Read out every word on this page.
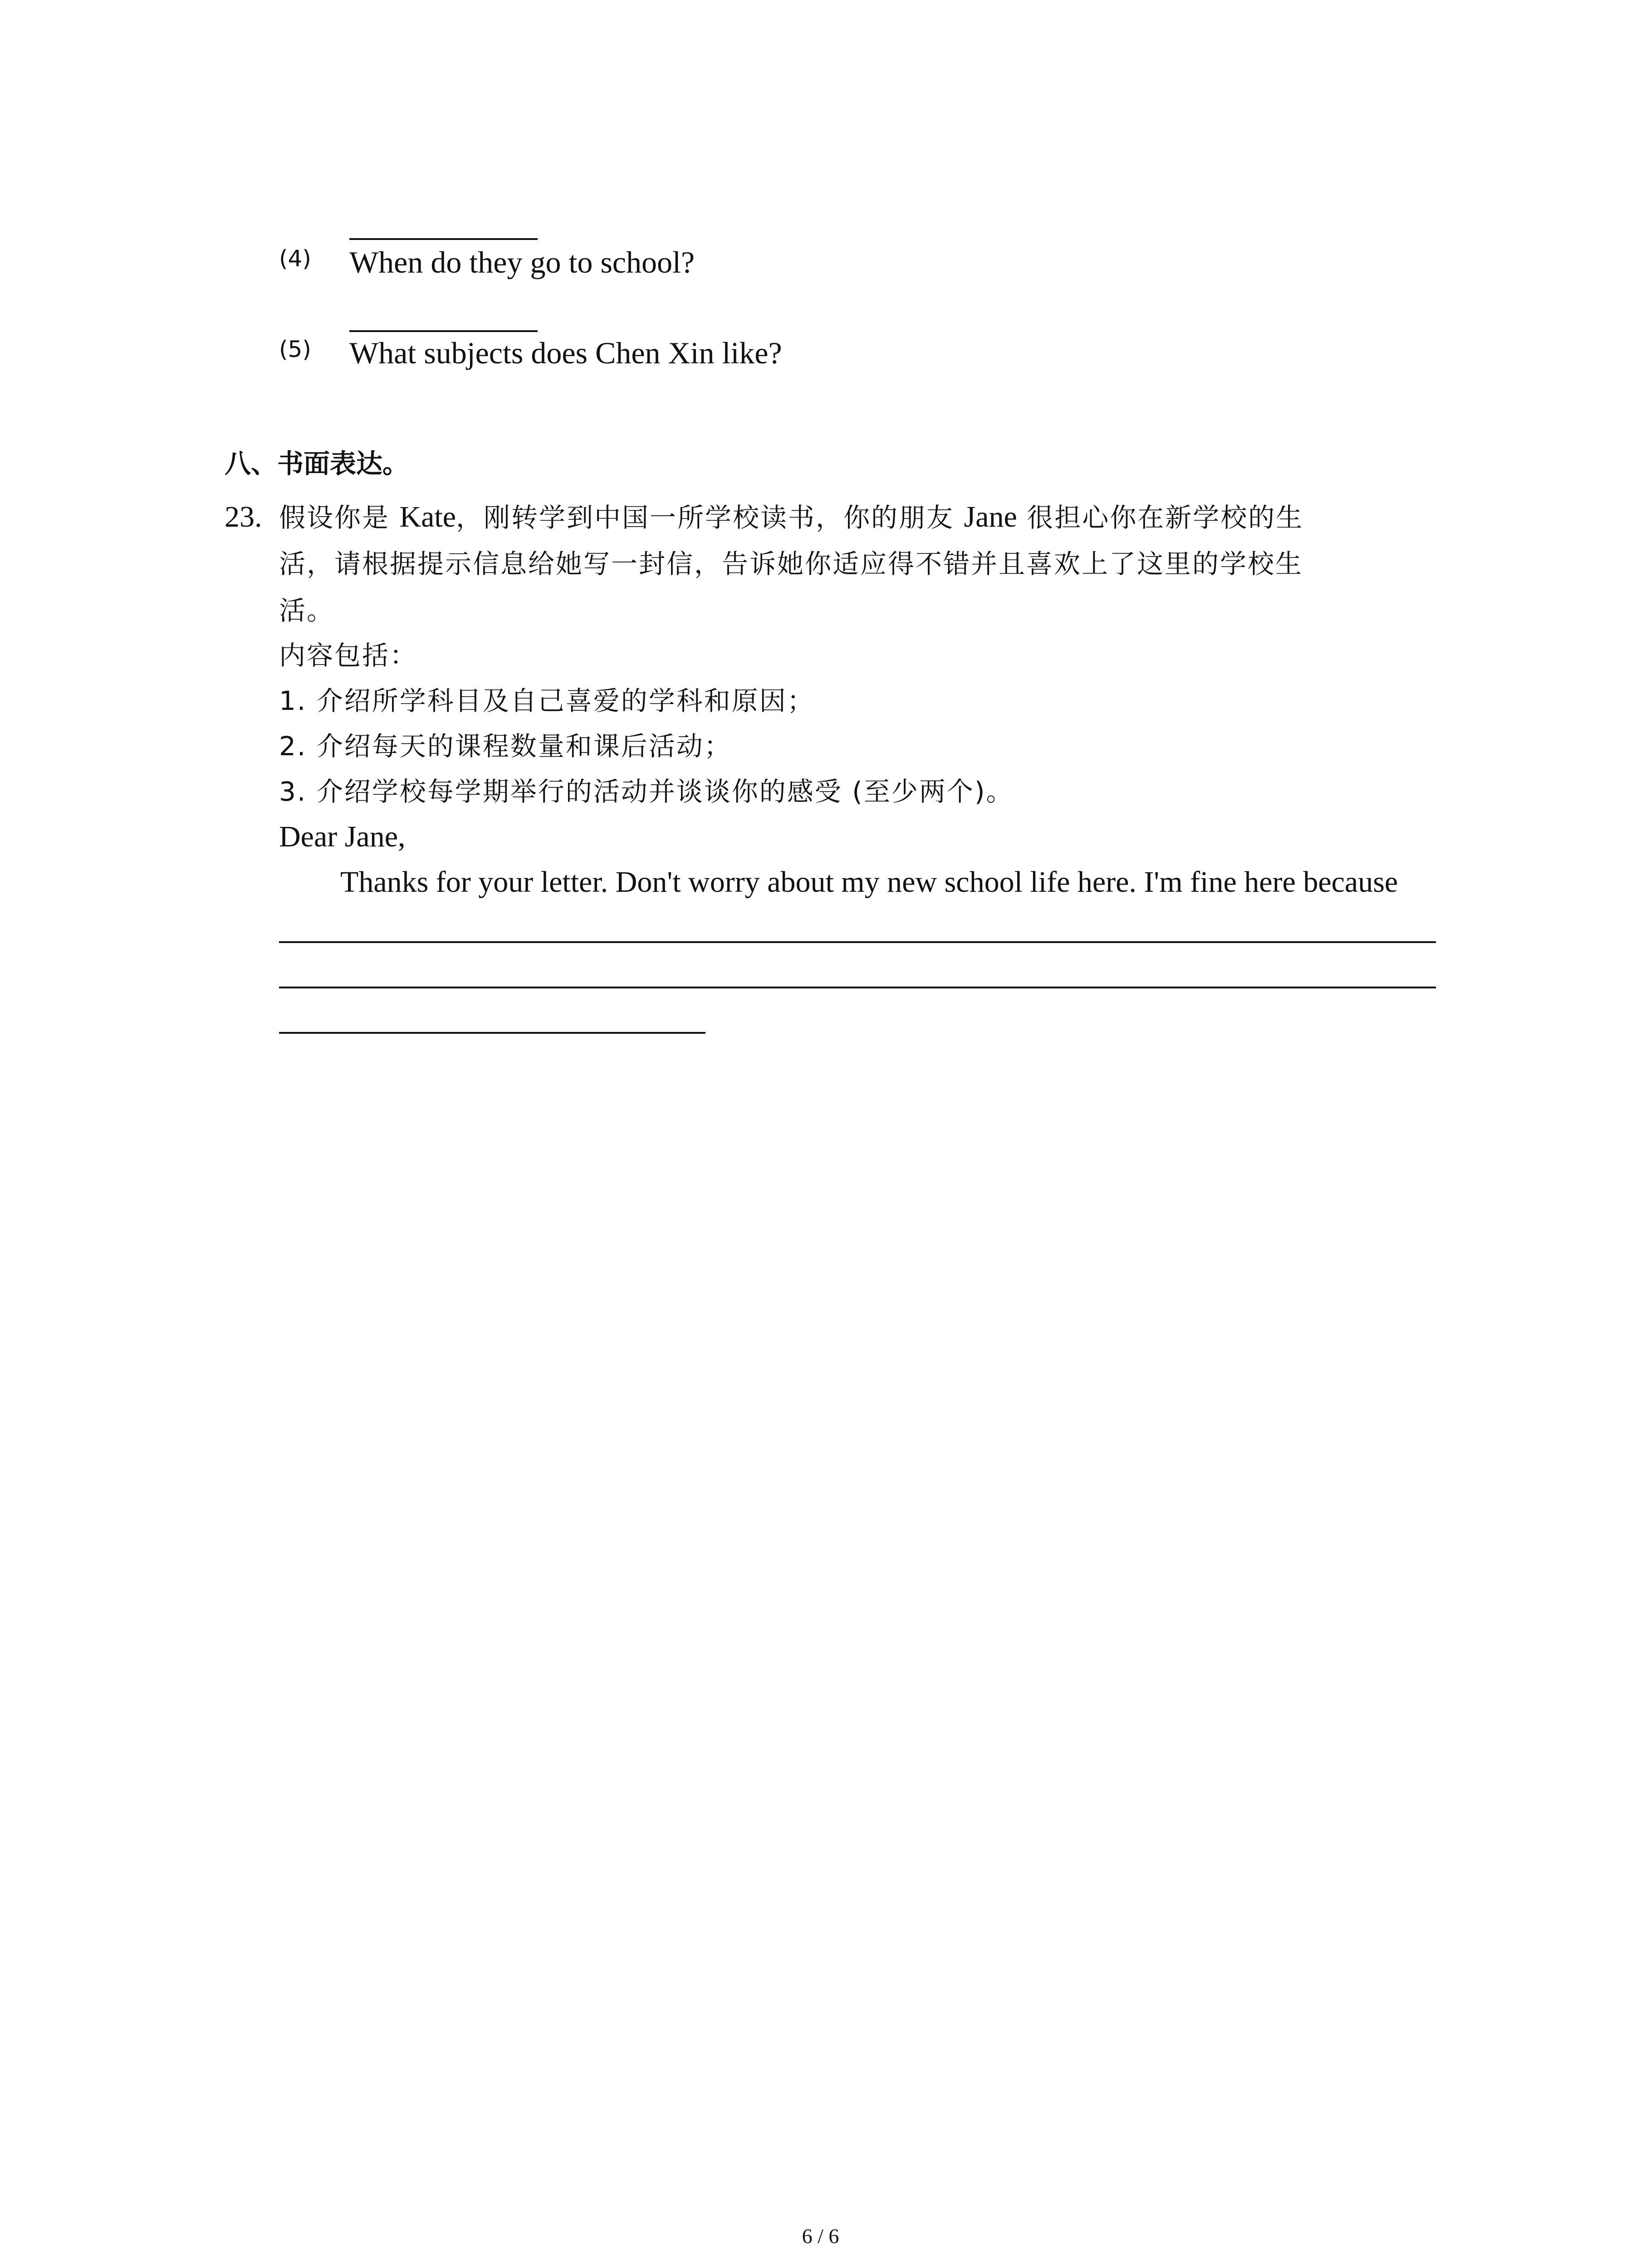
(4) When do they go to school?
(5) What subjects does Chen Xin like?
八、书面表达。
23. 假设你是 Kate，刚转学到中国一所学校读书，你的朋友 Jane 很担心你在新学校的生
活，请根据提示信息给她写一封信，告诉她你适应得不错并且喜欢上了这里的学校生
活。
内容包括：
1. 介绍所学科目及自己喜爱的学科和原因；
2. 介绍每天的课程数量和课后活动；
3. 介绍学校每学期举行的活动并谈谈你的感受 (至少两个)。
Dear Jane,
Thanks for your letter. Don't worry about my new school life here. I'm fine here because
6 / 6
